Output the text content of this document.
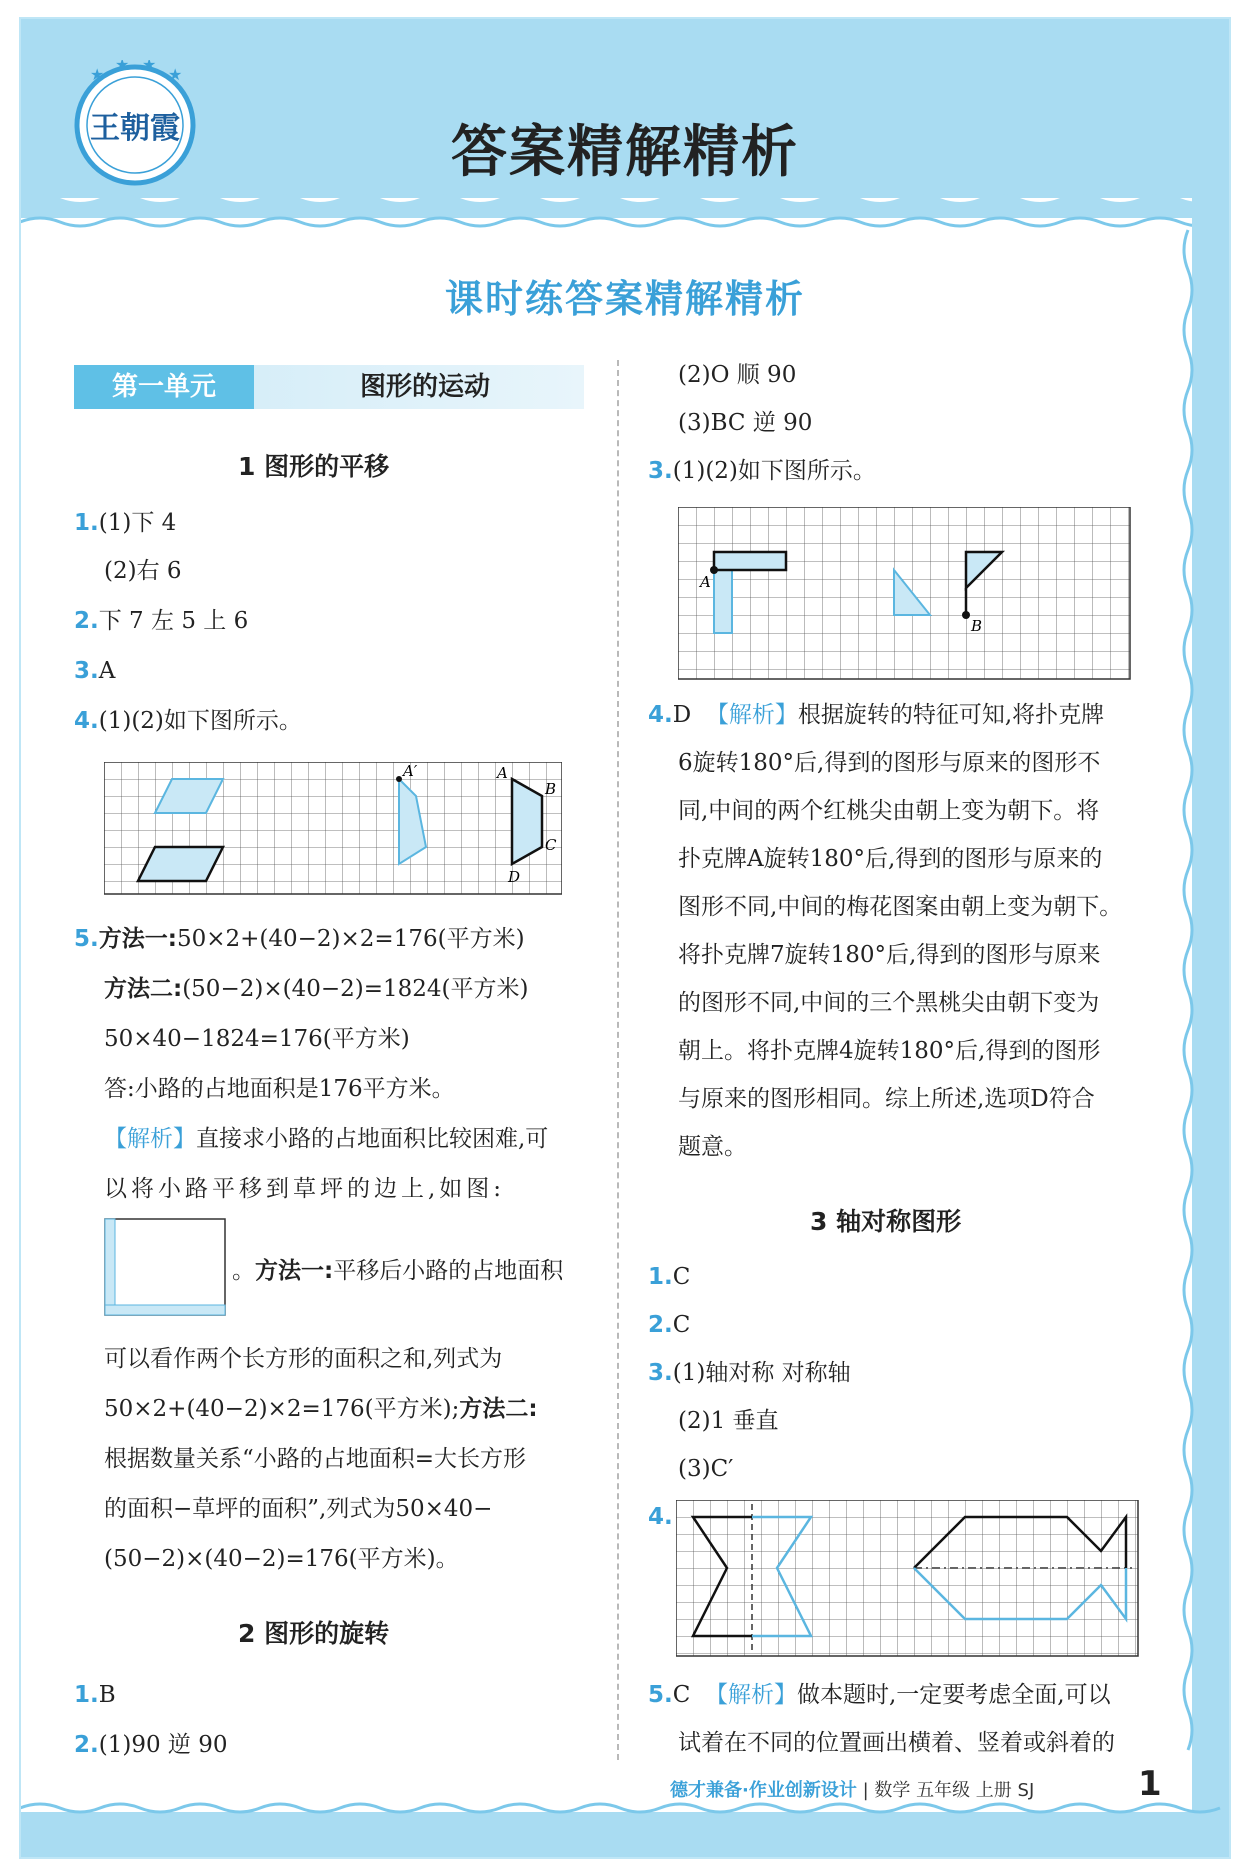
王朝霞
★
★ ★
★
答案精解精析
课时练答案精解精析
第一单元	图形的运动
1 图形的平移
1.(1)下 4
(2)右 6
2.下 7 左 5 上 6
3.A
4.(1)(2)如下图所示。
A′	A
B
C
D
5.方法一:50×2+(40−2)×2=176(平方米)
方法二:(50−2)×(40−2)=1824(平方米)
50×40−1824=176(平方米)
答:小路的占地面积是176平方米。
【解析】直接求小路的占地面积比较困难,可
以将小路平移到草坪的边上,如图:
。方法一:平移后小路的占地面积
可以看作两个长方形的面积之和,列式为
50×2+(40−2)×2=176(平方米);方法二:
根据数量关系“小路的占地面积=大长方形
的面积−草坪的面积”,列式为50×40−
(50−2)×(40−2)=176(平方米)。
2 图形的旋转
1.B
2.(1)90 逆 90
(2)O 顺 90
(3)BC 逆 90
3.(1)(2)如下图所示。
A
B
4.D 【解析】根据旋转的特征可知,将扑克牌
6旋转180°后,得到的图形与原来的图形不
同,中间的两个红桃尖由朝上变为朝下。将
扑克牌A旋转180°后,得到的图形与原来的
图形不同,中间的梅花图案由朝上变为朝下。
将扑克牌7旋转180°后,得到的图形与原来
的图形不同,中间的三个黑桃尖由朝下变为
朝上。将扑克牌4旋转180°后,得到的图形
与原来的图形相同。综上所述,选项D符合
题意。
3 轴对称图形
1.C
2.C
3.(1)轴对称 对称轴
(2)1 垂直
(3)C′
4.
5.C 【解析】做本题时,一定要考虑全面,可以
试着在不同的位置画出横着、竖着或斜着的
德才兼备·作业创新设计 | 数学 五年级 上册 SJ	1
